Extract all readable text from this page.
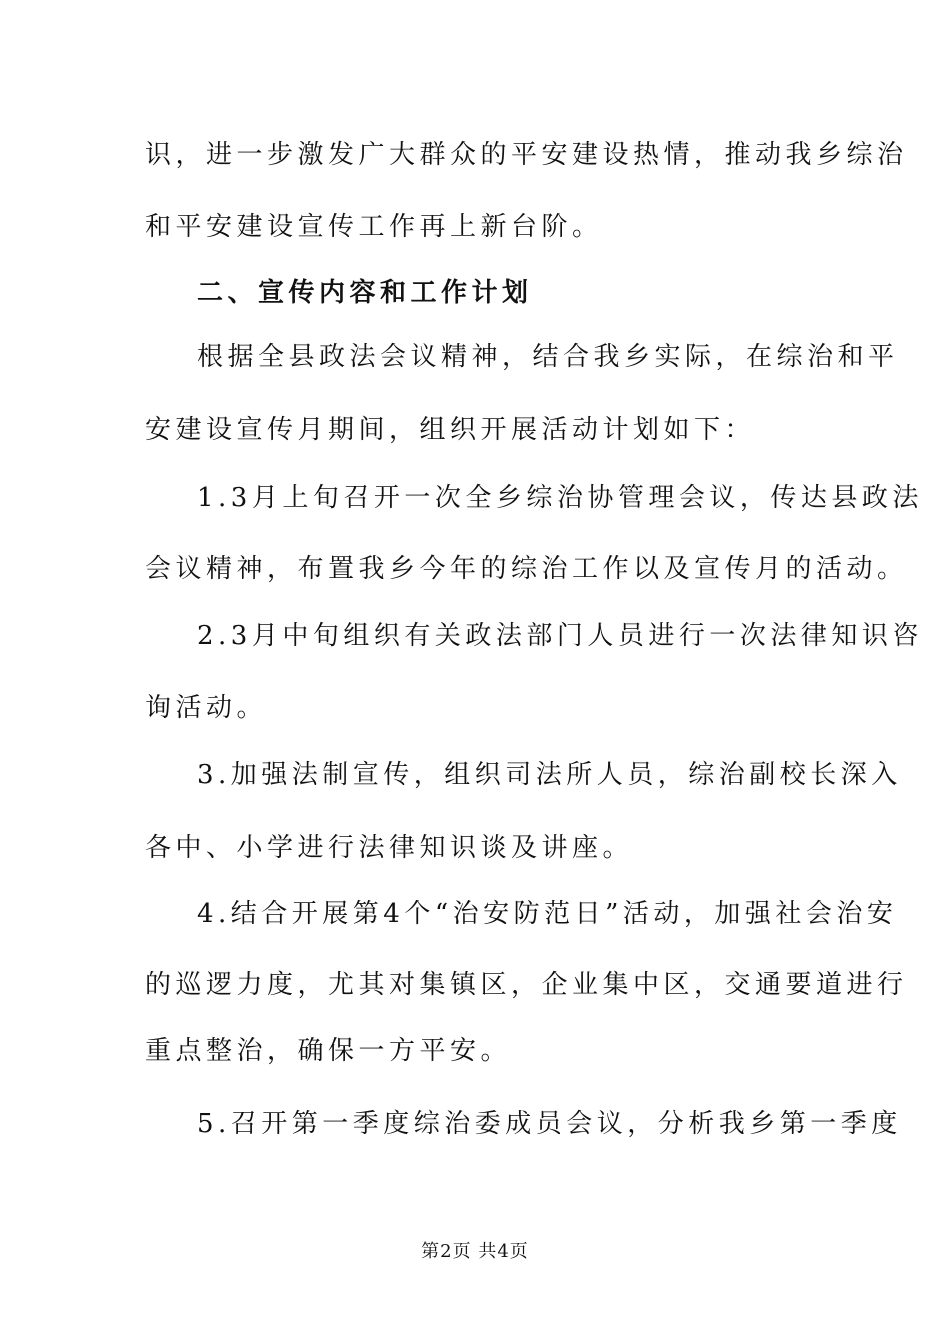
识，进一步激发广大群众的平安建设热情，推动我乡综治
和平安建设宣传工作再上新台阶。
二、宣传内容和工作计划
根据全县政法会议精神，结合我乡实际，在综治和平
安建设宣传月期间，组织开展活动计划如下：
1.3月上旬召开一次全乡综治协管理会议，传达县政法
会议精神，布置我乡今年的综治工作以及宣传月的活动。
2.3月中旬组织有关政法部门人员进行一次法律知识咨
询活动。
3.加强法制宣传，组织司法所人员，综治副校长深入
各中、小学进行法律知识谈及讲座。
4.结合开展第4个“治安防范日”活动，加强社会治安
的巡逻力度，尤其对集镇区，企业集中区，交通要道进行
重点整治，确保一方平安。
5.召开第一季度综治委成员会议，分析我乡第一季度
第2页 共4页
